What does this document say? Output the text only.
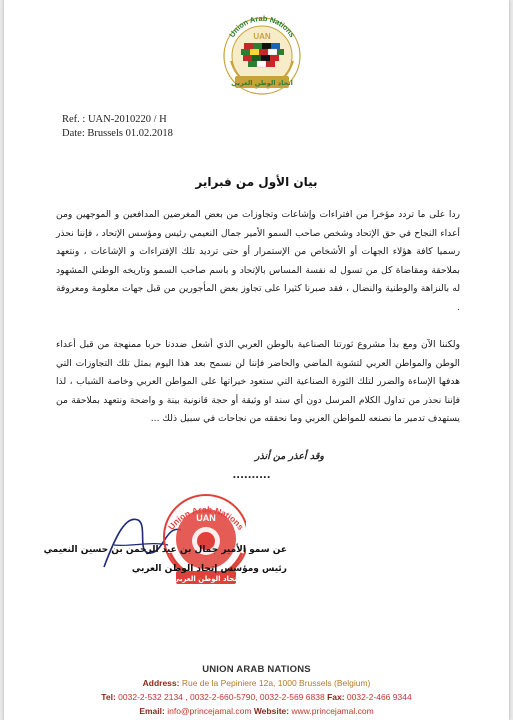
Union Arab Nations
UAN
اتحاد الوطن العربي
Ref. : UAN-2010220 / H
Date: Brussels 01.02.2018
بيان الأول من فبراير
ردا على ما تردد مؤخرا من افتراءات وإشاعات وتجاوزات من بعض المغرضين المدافعين و الموجهين ومن أعداء النجاح في حق الإتحاد وشخص صاحب السمو الأمير جمال النعيمي رئيس ومؤسس الإتحاد ، فإننا نحذر رسميا كافة هؤلاء الجهات أو الأشخاص من الإستمرار أو حتى ترديد تلك الإفتراءات و الإشاعات ، ونتعهد بملاحقة ومقاضاة كل من تسول له نفسة المساس بالإتحاد و باسم صاحب السمو وتاريخه الوطني المشهود له بالنزاهة والوطنية والنضال ، فقد صبرنا كثيرا على تجاوز بعض المأجورين من قبل جهات معلومة ومعروفة .
ولكننا الآن ومع بدأ مشروع ثورتنا الصناعية بالوطن العربي الذي أشعل ضددنا حربا ممنهجة من قبل أعداء الوطن والمواطن العربي لتشوية الماضي والحاضر فإننا لن نسمح بعد هذا اليوم بمثل تلك التجاوزات التي هدفها الإساءة والضرر لتلك الثورة الصناعية التي ستعود خيراتها على المواطن العربي وخاصة الشباب ، لذا فإننا نحذر من تداول الكلام المرسل دون أي سند او وثيقة أو حجة قانونية بينة و واضحة ونتعهد بملاحقة من يستهدف تدمير ما نصنعه للمواطن العربي وما نحققه من نجاحات في سبيل ذلك ...
وقد أعذر من أنذر
..........
Union Arab Nations
UAN
اتحاد الوطن العربي
عن سمو الأمير جمال بن عبد الرحمن بن حسين النعيمي
رئيس ومؤسس إتحاد الوطن العربي
UNION ARAB NATIONS
Address: Rue de la Pepiniere 12a, 1000 Brussels (Belgium)
Tel: 0032-2-532 2134 , 0032-2-660-5790, 0032-2-569 6838 Fax: 0032-2-466 9344
Email: info@princejamal.com Website: www.princejamal.com
